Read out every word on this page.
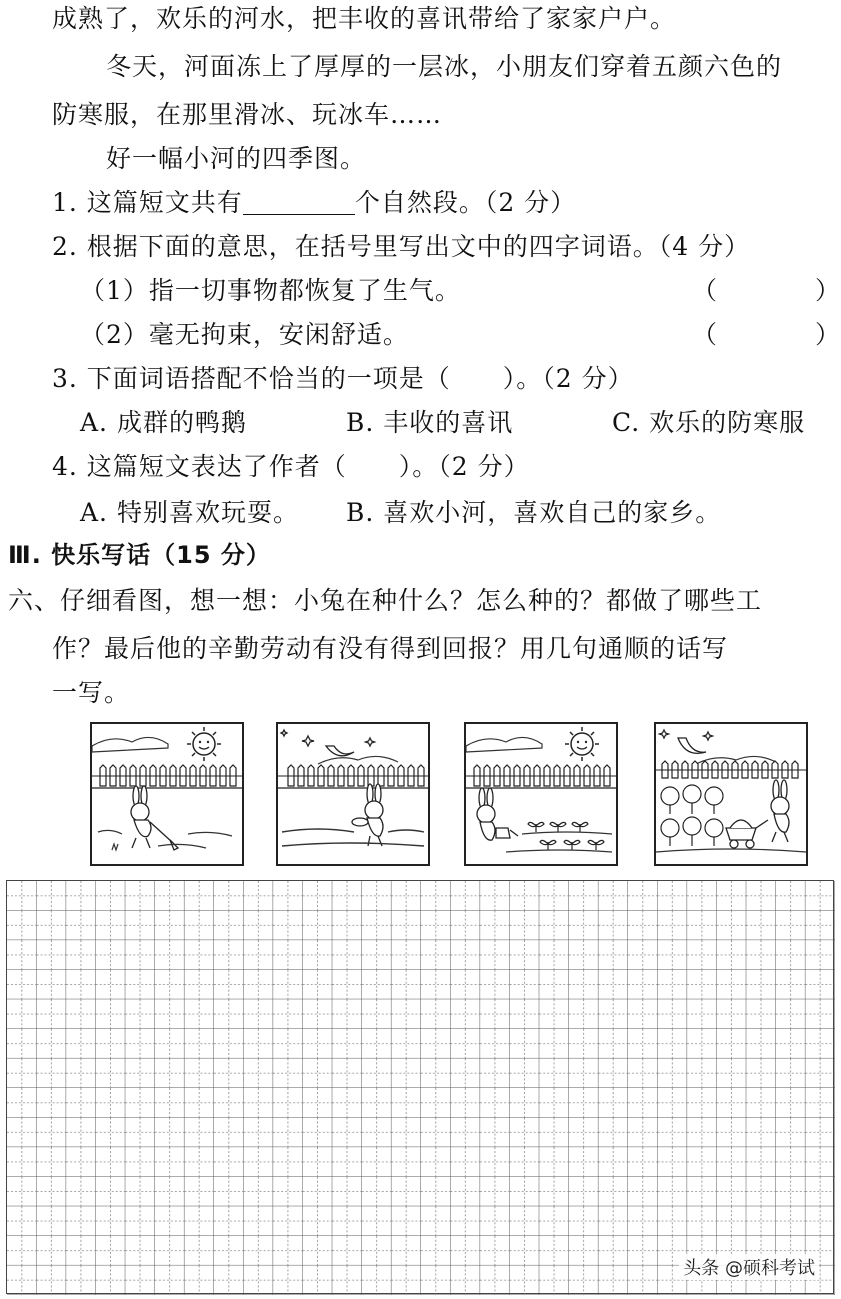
成熟了，欢乐的河水，把丰收的喜讯带给了家家户户。
冬天，河面冻上了厚厚的一层冰，小朋友们穿着五颜六色的
防寒服，在那里滑冰、玩冰车……
好一幅小河的四季图。
1. 这篇短文共有	个自然段。（2 分）
2. 根据下面的意思，在括号里写出文中的四字词语。（4 分）
（1）指一切事物都恢复了生气。	（	）
（2）毫无拘束，安闲舒适。	（	）
3. 下面词语搭配不恰当的一项是（　　）。（2 分）
A. 成群的鸭鹅	B. 丰收的喜讯	C. 欢乐的防寒服
4. 这篇短文表达了作者（　　）。（2 分）
A. 特别喜欢玩耍。 B. 喜欢小河，喜欢自己的家乡。
Ⅲ. 快乐写话（15 分）
六、仔细看图，想一想：小兔在种什么？怎么种的？都做了哪些工
作？最后他的辛勤劳动有没有得到回报？用几句通顺的话写
一写。
头条 @硕科考试
